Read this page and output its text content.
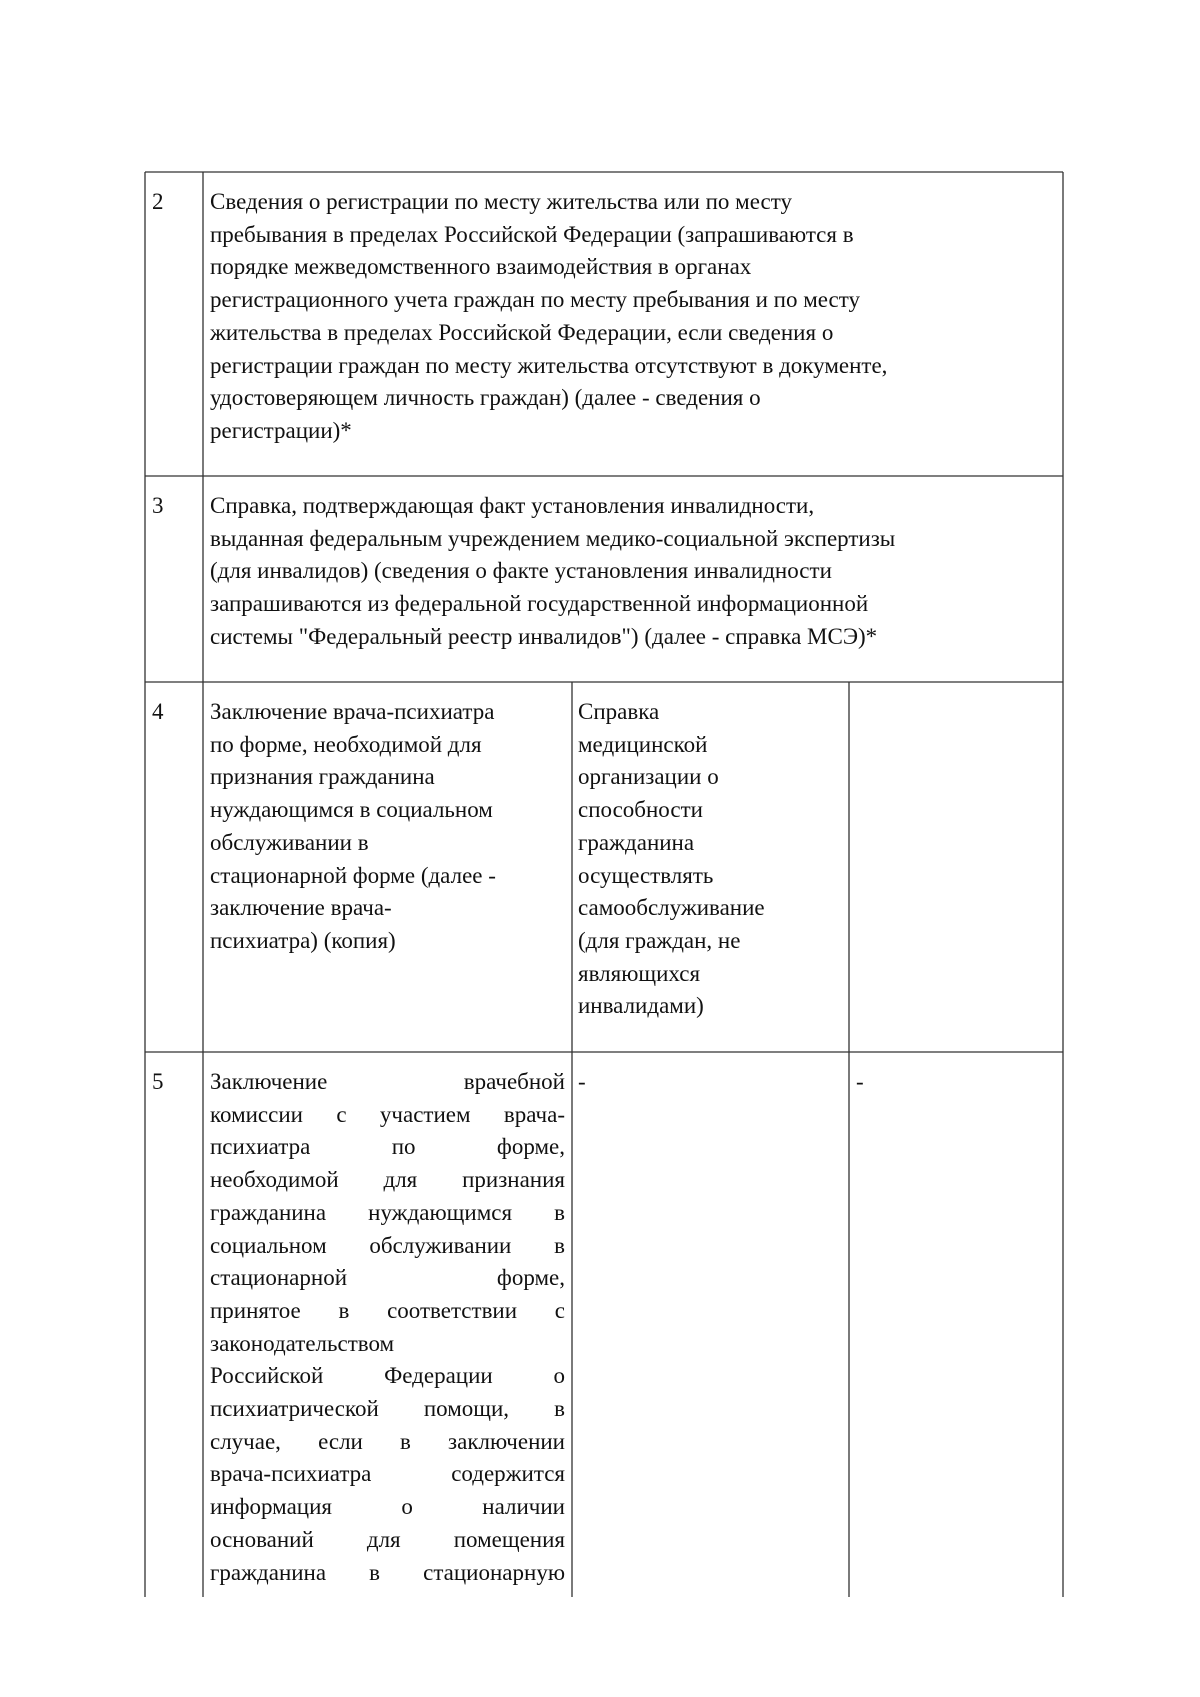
2 Сведения о регистрации по месту жительства или по месту
пребывания в пределах Российской Федерации (запрашиваются в
порядке межведомственного взаимодействия в органах
регистрационного учета граждан по месту пребывания и по месту
жительства в пределах Российской Федерации, если сведения о
регистрации граждан по месту жительства отсутствуют в документе,
удостоверяющем личность граждан) (далее - сведения о
регистрации)*

3 Справка, подтверждающая факт установления инвалидности,
выданная федеральным учреждением медико-социальной экспертизы
(для инвалидов) (сведения о факте установления инвалидности
запрашиваются из федеральной государственной информационной
системы "Федеральный реестр инвалидов") (далее - справка МСЭ)*

4 Заключение врача-психиатра
по форме, необходимой для
признания гражданина
нуждающимся в социальном
обслуживании в
стационарной форме (далее -
заключение врача-
психиатра) (копия)

Справка
медицинской
организации о
способности
гражданина
осуществлять
самообслуживание
(для граждан, не
являющихся
инвалидами)

5 Заключение врачебной
комиссии с участием врача-
психиатра по форме,
необходимой для признания
гражданина нуждающимся в
социальном обслуживании в
стационарной форме,
принятое в соответствии с
законодательством
Российской Федерации о
психиатрической помощи, в
случае, если в заключении
врача-психиатра содержится
информация о наличии
оснований для помещения
гражданина в стационарную

-	-
